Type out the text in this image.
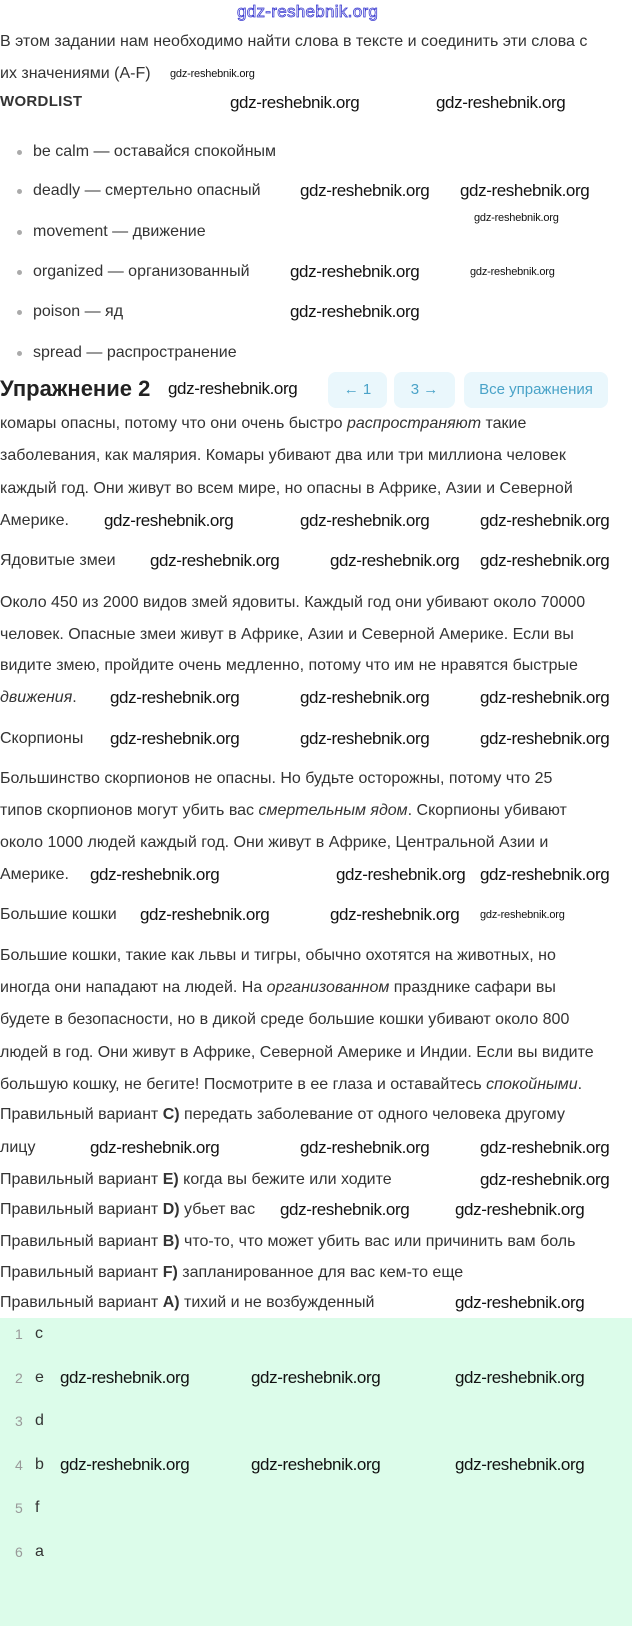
gdz-reshebnik.org
В этом задании нам необходимо найти слова в тексте и соединить эти слова с
их значениями (A-F)
WORDLIST
be calm — оставайся спокойным
deadly — смертельно опасный
movement — движение
organized — организованный
poison — яд
spread — распространение
Упражнение 2	← 1	3 →	Все упражнения
комары опасны, потому что они очень быстро распространяют такие
заболевания, как малярия. Комары убивают два или три миллиона человек
каждый год. Они живут во всем мире, но опасны в Африке, Азии и Северной
Америке.
Ядовитые змеи
Около 450 из 2000 видов змей ядовиты. Каждый год они убивают около 70000
человек. Опасные змеи живут в Африке, Азии и Северной Америке. Если вы
видите змею, пройдите очень медленно, потому что им не нравятся быстрые
движения.
Скорпионы
Большинство скорпионов не опасны. Но будьте осторожны, потому что 25
типов скорпионов могут убить вас смертельным ядом. Скорпионы убивают
около 1000 людей каждый год. Они живут в Африке, Центральной Азии и
Америке.
Большие кошки
Большие кошки, такие как львы и тигры, обычно охотятся на животных, но
иногда они нападают на людей. На организованном празднике сафари вы
будете в безопасности, но в дикой среде большие кошки убивают около 800
людей в год. Они живут в Африке, Северной Америке и Индии. Если вы видите
большую кошку, не бегите! Посмотрите в ее глаза и оставайтесь спокойными.
Правильный вариант C) передать заболевание от одного человека другому
лицу
Правильный вариант E) когда вы бежите или ходите
Правильный вариант D) убьет вас
Правильный вариант B) что-то, что может убить вас или причинить вам боль
Правильный вариант F) запланированное для вас кем-то еще
Правильный вариант A) тихий и не возбужденный
1 c
2 e
3 d
4 b
5 f
6 a
gdz-reshebnik.org
gdz-reshebnik.org	gdz-reshebnik.org
gdz-reshebnik.org gdz-reshebnik.org
gdz-reshebnik.org
gdz-reshebnik.org	gdz-reshebnik.org
gdz-reshebnik.org
gdz-reshebnik.org
gdz-reshebnik.org	gdz-reshebnik.org	gdz-reshebnik.org
gdz-reshebnik.org	gdz-reshebnik.org gdz-reshebnik.org
gdz-reshebnik.org	gdz-reshebnik.org	gdz-reshebnik.org
gdz-reshebnik.org	gdz-reshebnik.org	gdz-reshebnik.org
gdz-reshebnik.org	gdz-reshebnik.org gdz-reshebnik.org
gdz-reshebnik.org	gdz-reshebnik.org gdz-reshebnik.org
gdz-reshebnik.org	gdz-reshebnik.org	gdz-reshebnik.org
gdz-reshebnik.org
gdz-reshebnik.org	gdz-reshebnik.org
gdz-reshebnik.org
gdz-reshebnik.org	gdz-reshebnik.org	gdz-reshebnik.org
gdz-reshebnik.org	gdz-reshebnik.org	gdz-reshebnik.org
